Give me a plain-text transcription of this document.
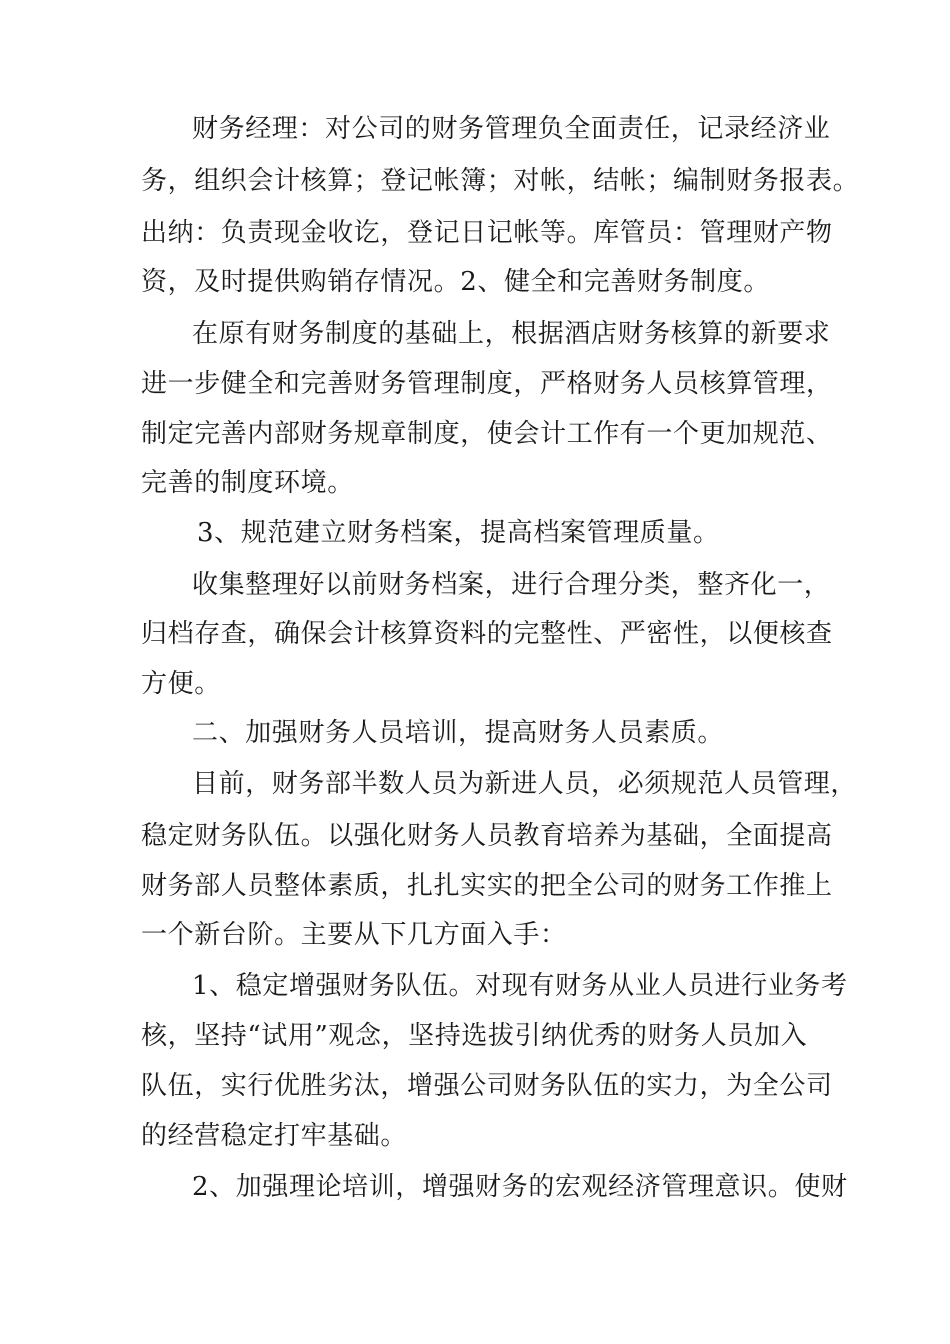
财务经理：对公司的财务管理负全面责任，记录经济业
务，组织会计核算；登记帐簿；对帐，结帐；编制财务报表。
出纳：负责现金收讫，登记日记帐等。库管员：管理财产物
资，及时提供购销存情况。2、健全和完善财务制度。
在原有财务制度的基础上，根据酒店财务核算的新要求
进一步健全和完善财务管理制度，严格财务人员核算管理，
制定完善内部财务规章制度，使会计工作有一个更加规范、
完善的制度环境。
3、规范建立财务档案，提高档案管理质量。
收集整理好以前财务档案，进行合理分类，整齐化一，
归档存查，确保会计核算资料的完整性、严密性，以便核查
方便。
二、加强财务人员培训，提高财务人员素质。
目前，财务部半数人员为新进人员，必须规范人员管理，
稳定财务队伍。以强化财务人员教育培养为基础，全面提高
财务部人员整体素质，扎扎实实的把全公司的财务工作推上
一个新台阶。主要从下几方面入手：
1、稳定增强财务队伍。对现有财务从业人员进行业务考
核，坚持“试用”观念，坚持选拔引纳优秀的财务人员加入
队伍，实行优胜劣汰，增强公司财务队伍的实力，为全公司
的经营稳定打牢基础。
2、加强理论培训，增强财务的宏观经济管理意识。使财
